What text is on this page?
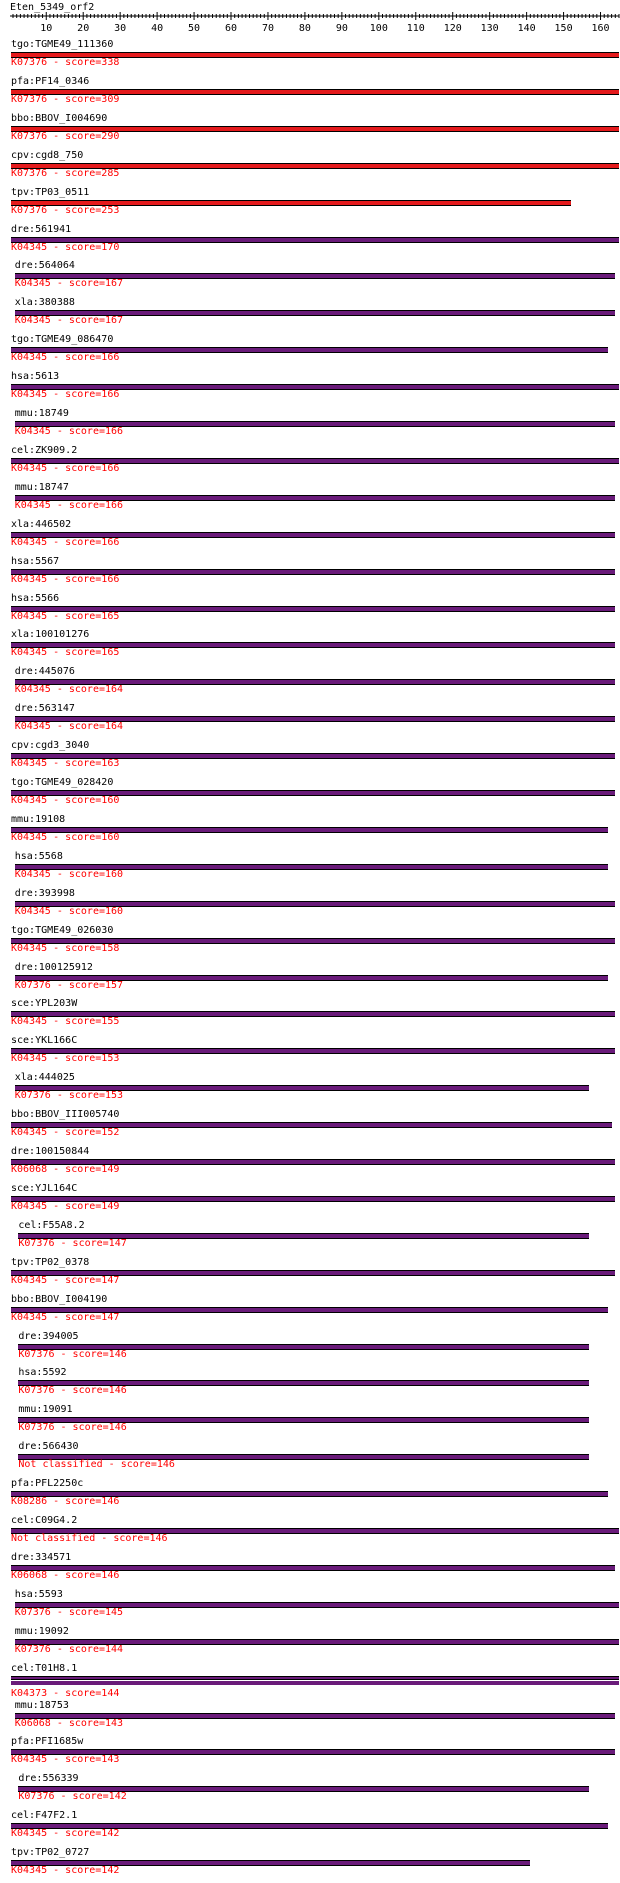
Eten_5349_orf2
10 20 30 40 50 60 70 80 90 100 110 120 130 140 150 160
tgo:TGME49_111360
K07376 - score=338
pfa:PF14_0346
K07376 - score=309
bbo:BBOV_I004690
K07376 - score=290
cpv:cgd8_750
K07376 - score=285
tpv:TP03_0511
K07376 - score=253
dre:561941
K04345 - score=170
dre:564064
K04345 - score=167
xla:380388
K04345 - score=167
tgo:TGME49_086470
K04345 - score=166
hsa:5613
K04345 - score=166
mmu:18749
K04345 - score=166
cel:ZK909.2
K04345 - score=166
mmu:18747
K04345 - score=166
xla:446502
K04345 - score=166
hsa:5567
K04345 - score=166
hsa:5566
K04345 - score=165
xla:100101276
K04345 - score=165
dre:445076
K04345 - score=164
dre:563147
K04345 - score=164
cpv:cgd3_3040
K04345 - score=163
tgo:TGME49_028420
K04345 - score=160
mmu:19108
K04345 - score=160
hsa:5568
K04345 - score=160
dre:393998
K04345 - score=160
tgo:TGME49_026030
K04345 - score=158
dre:100125912
K07376 - score=157
sce:YPL203W
K04345 - score=155
sce:YKL166C
K04345 - score=153
xla:444025
K07376 - score=153
bbo:BBOV_III005740
K04345 - score=152
dre:100150844
K06068 - score=149
sce:YJL164C
K04345 - score=149
cel:F55A8.2
K07376 - score=147
tpv:TP02_0378
K04345 - score=147
bbo:BBOV_I004190
K04345 - score=147
dre:394005
K07376 - score=146
hsa:5592
K07376 - score=146
mmu:19091
K07376 - score=146
dre:566430
Not classified - score=146
pfa:PFL2250c
K08286 - score=146
cel:C09G4.2
Not classified - score=146
dre:334571
K06068 - score=146
hsa:5593
K07376 - score=145
mmu:19092
K07376 - score=144
cel:T01H8.1
K04373 - score=144
mmu:18753
K06068 - score=143
pfa:PFI1685w
K04345 - score=143
dre:556339
K07376 - score=142
cel:F47F2.1
K04345 - score=142
tpv:TP02_0727
K04345 - score=142
